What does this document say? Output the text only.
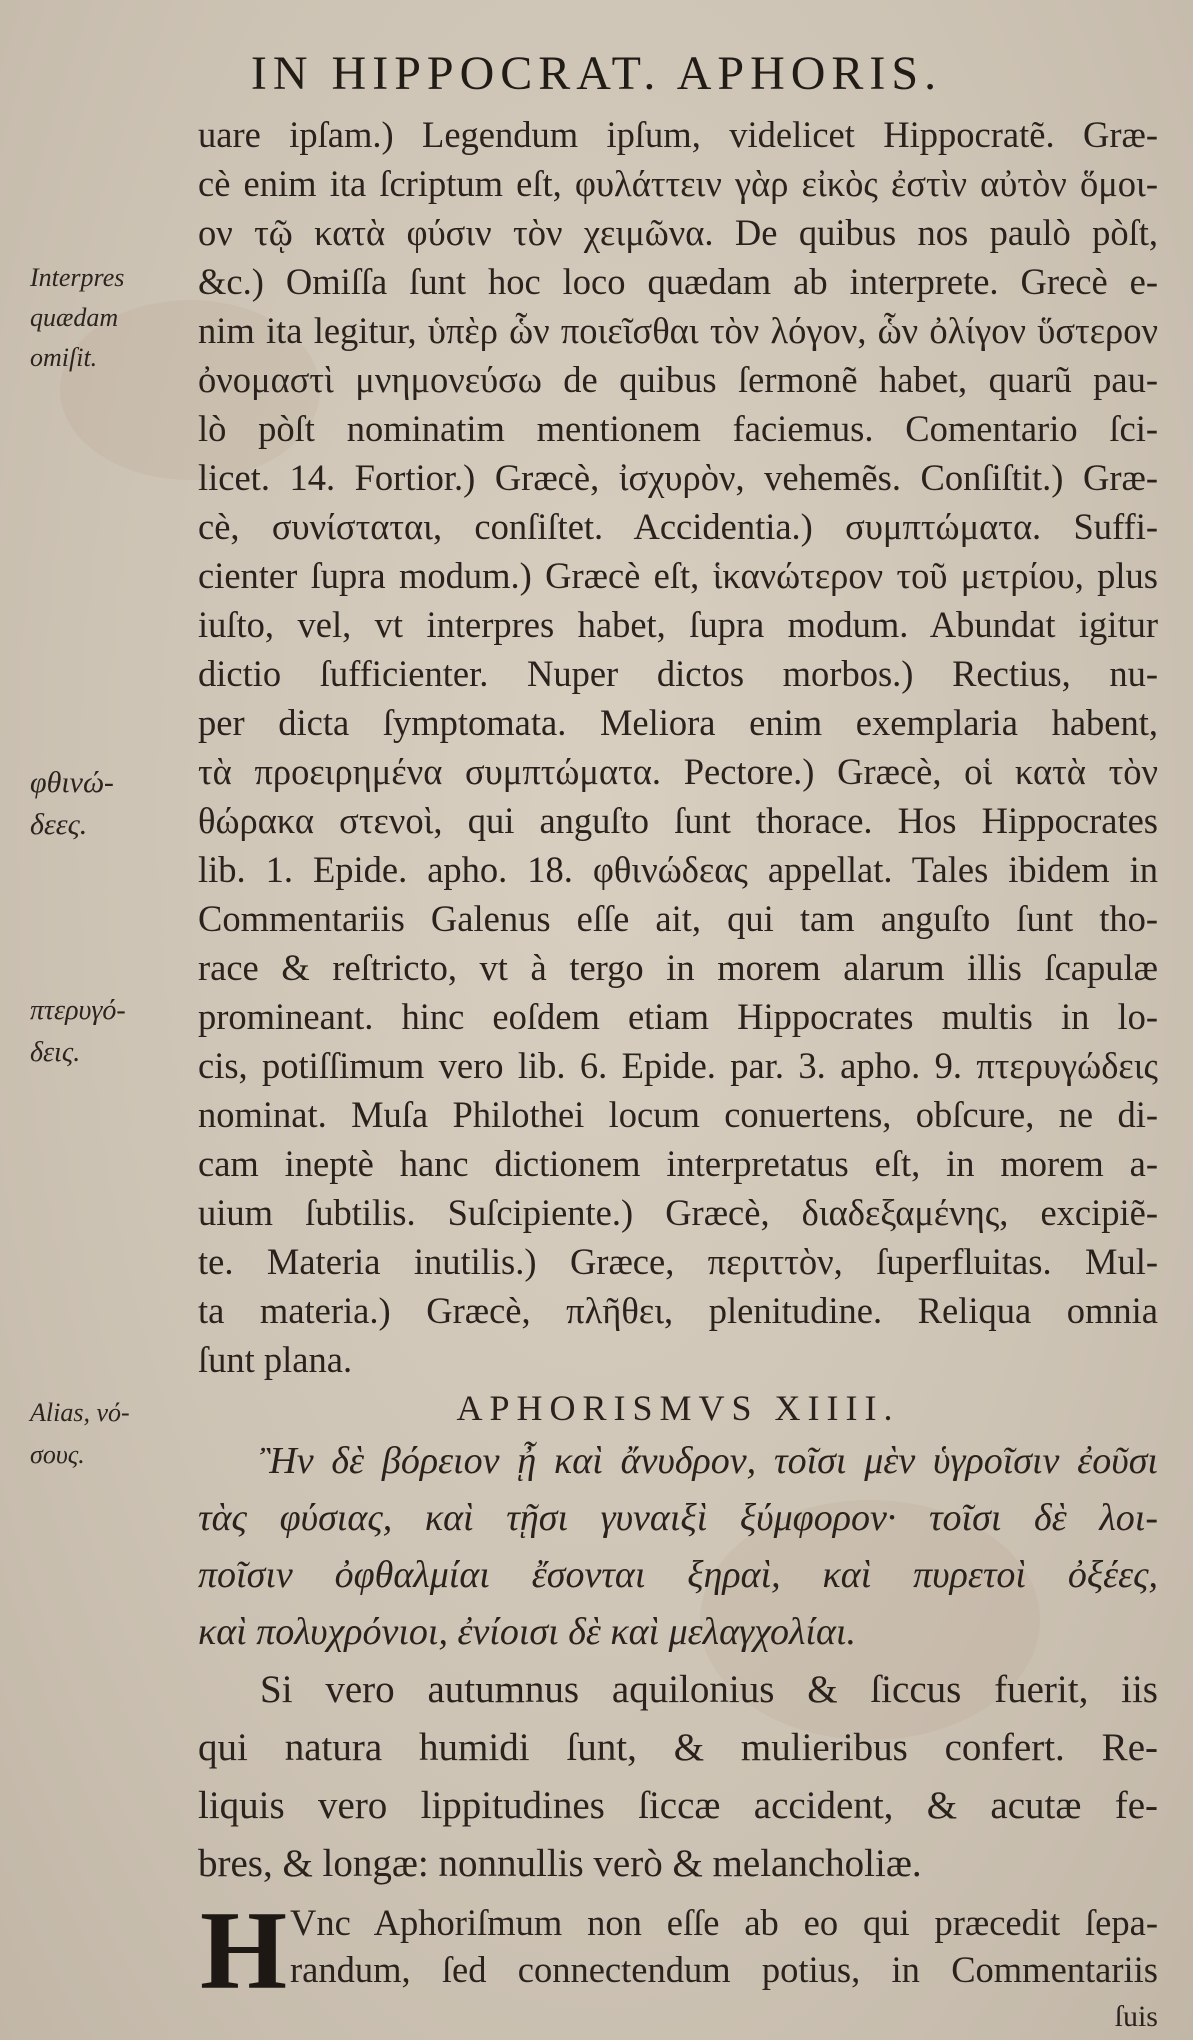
IN HIPPOCRAT. APHORIS.
Interpres
quædam
omiſit.
φθινώ-
δεες.
πτερυγό-
δεις.
Alias, νό-
σους.
uare ipſam.) Legendum ipſum, videlicet Hippocratẽ. Græ-
cè enim ita ſcriptum eſt, φυλάττειν γὰρ εἰκὸς ἐστὶν αὐτὸν ὅμοι-
ον τῷ κατὰ φύσιν τὸν χειμῶνα. De quibus nos paulò pòſt,
&c.) Omiſſa ſunt hoc loco quædam ab interprete. Grecè e-
nim ita legitur, ὑπὲρ ὧν ποιεῖσθαι τὸν λόγον, ὧν ὀλίγον ὕστερον
ὀνομαστὶ μνημονεύσω de quibus ſermonẽ habet, quarũ pau-
lò pòſt nominatim mentionem faciemus. Comentario ſci-
licet. 14. Fortior.) Græcè, ἰσχυρὸν, vehemẽs. Conſiſtit.) Græ-
cè, συνίσταται, conſiſtet. Accidentia.) συμπτώματα. Suffi-
cienter ſupra modum.) Græcè eſt, ἱκανώτερον τοῦ μετρίου, plus
iuſto, vel, vt interpres habet, ſupra modum. Abundat igitur
dictio ſufficienter. Nuper dictos morbos.) Rectius, nu-
per dicta ſymptomata. Meliora enim exemplaria habent,
τὰ προειρημένα συμπτώματα. Pectore.) Græcè, οἱ κατὰ τὸν
θώρακα στενοὶ, qui anguſto ſunt thorace. Hos Hippocrates
lib. 1. Epide. apho. 18. φθινώδεας appellat. Tales ibidem in
Commentariis Galenus eſſe ait, qui tam anguſto ſunt tho-
race & reſtricto, vt à tergo in morem alarum illis ſcapulæ
promineant. hinc eoſdem etiam Hippocrates multis in lo-
cis, potiſſimum vero lib. 6. Epide. par. 3. apho. 9. πτερυγώδεις
nominat. Muſa Philothei locum conuertens, obſcure, ne di-
cam ineptè hanc dictionem interpretatus eſt, in morem a-
uium ſubtilis. Suſcipiente.) Græcè, διαδεξαμένης, excipiẽ-
te. Materia inutilis.) Græce, περιττὸν, ſuperfluitas. Mul-
ta materia.) Græcè, πλῆθει, plenitudine. Reliqua omnia
ſunt plana.
APHORISMVS XIIII.
Ἢν δὲ βόρειον ᾖ καὶ ἄνυδρον, τοῖσι μὲν ὑγροῖσιν ἐοῦσι
τὰς φύσιας, καὶ τῇσι γυναιξὶ ξύμφορον· τοῖσι δὲ λοι-
ποῖσιν ὀφθαλμίαι ἔσονται ξηραὶ, καὶ πυρετοὶ ὀξέες,
καὶ πολυχρόνιοι, ἐνίοισι δὲ καὶ μελαγχολίαι.
Si vero autumnus aquilonius & ſiccus fuerit, iis
qui natura humidi ſunt, & mulieribus confert. Re-
liquis vero lippitudines ſiccæ accident, & acutæ fe-
bres, & longæ: nonnullis verò & melancholiæ.
H Vnc Aphoriſmum non eſſe ab eo qui præcedit ſepa-
randum, ſed connectendum potius, in Commentariis
ſuis
